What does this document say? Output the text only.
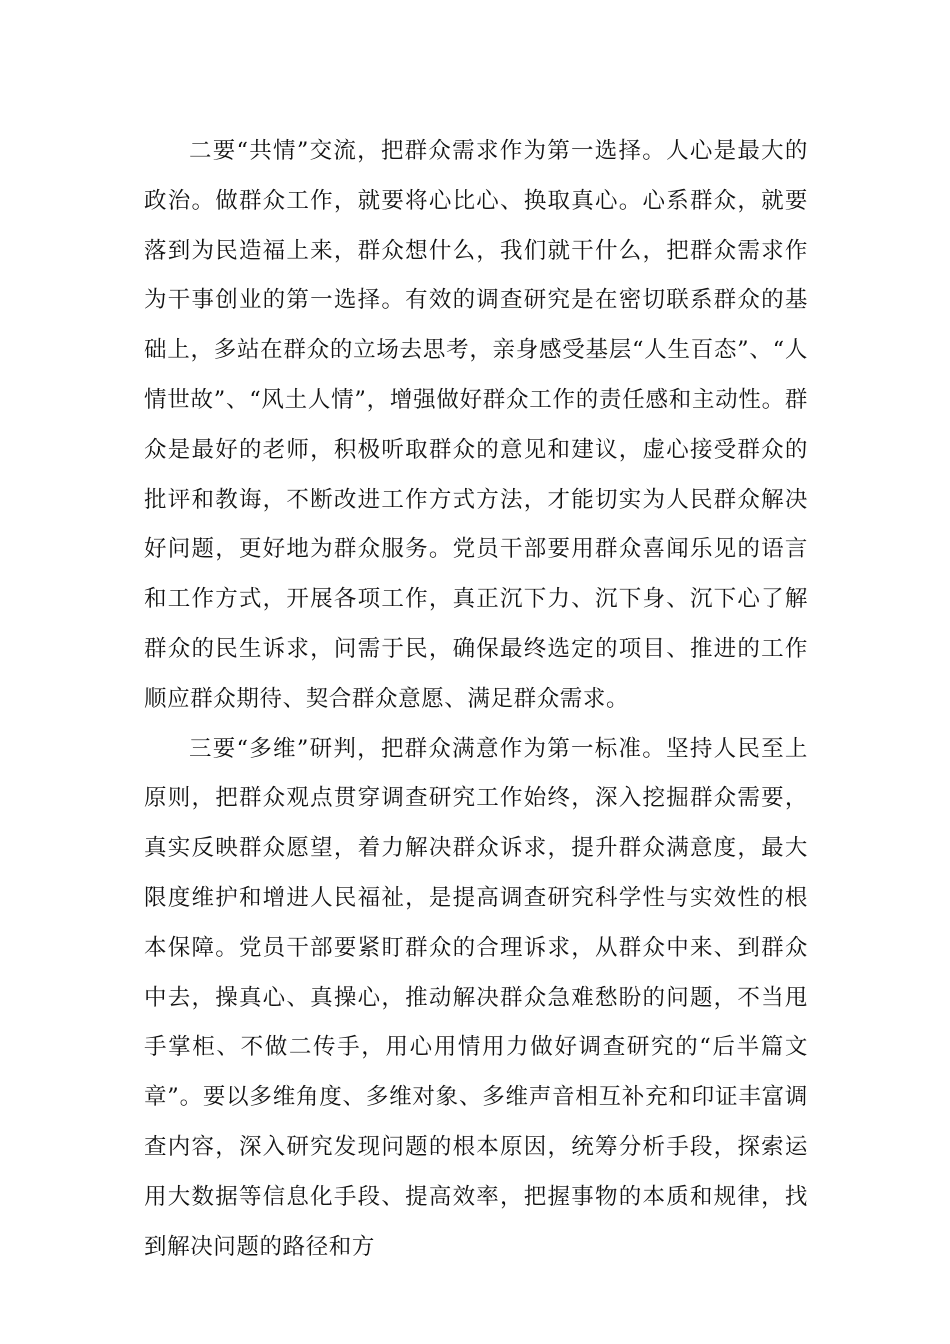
二要“共情”交流，把群众需求作为第一选择。人心是最大的政治。做群众工作，就要将心比心、换取真心。心系群众，就要落到为民造福上来，群众想什么，我们就干什么，把群众需求作为干事创业的第一选择。有效的调查研究是在密切联系群众的基础上，多站在群众的立场去思考，亲身感受基层“人生百态”、“人情世故”、“风土人情”，增强做好群众工作的责任感和主动性。群众是最好的老师，积极听取群众的意见和建议，虚心接受群众的批评和教诲，不断改进工作方式方法，才能切实为人民群众解决好问题，更好地为群众服务。党员干部要用群众喜闻乐见的语言和工作方式，开展各项工作，真正沉下力、沉下身、沉下心了解群众的民生诉求，问需于民，确保最终选定的项目、推进的工作顺应群众期待、契合群众意愿、满足群众需求。

三要“多维”研判，把群众满意作为第一标准。坚持人民至上原则，把群众观点贯穿调查研究工作始终，深入挖掘群众需要，真实反映群众愿望，着力解决群众诉求，提升群众满意度，最大限度维护和增进人民福祉，是提高调查研究科学性与实效性的根本保障。党员干部要紧盯群众的合理诉求，从群众中来、到群众中去，操真心、真操心，推动解决群众急难愁盼的问题，不当甩手掌柜、不做二传手，用心用情用力做好调查研究的“后半篇文章”。要以多维角度、多维对象、多维声音相互补充和印证丰富调查内容，深入研究发现问题的根本原因，统筹分析手段，探索运用大数据等信息化手段、提高效率，把握事物的本质和规律，找到解决问题的路径和方
